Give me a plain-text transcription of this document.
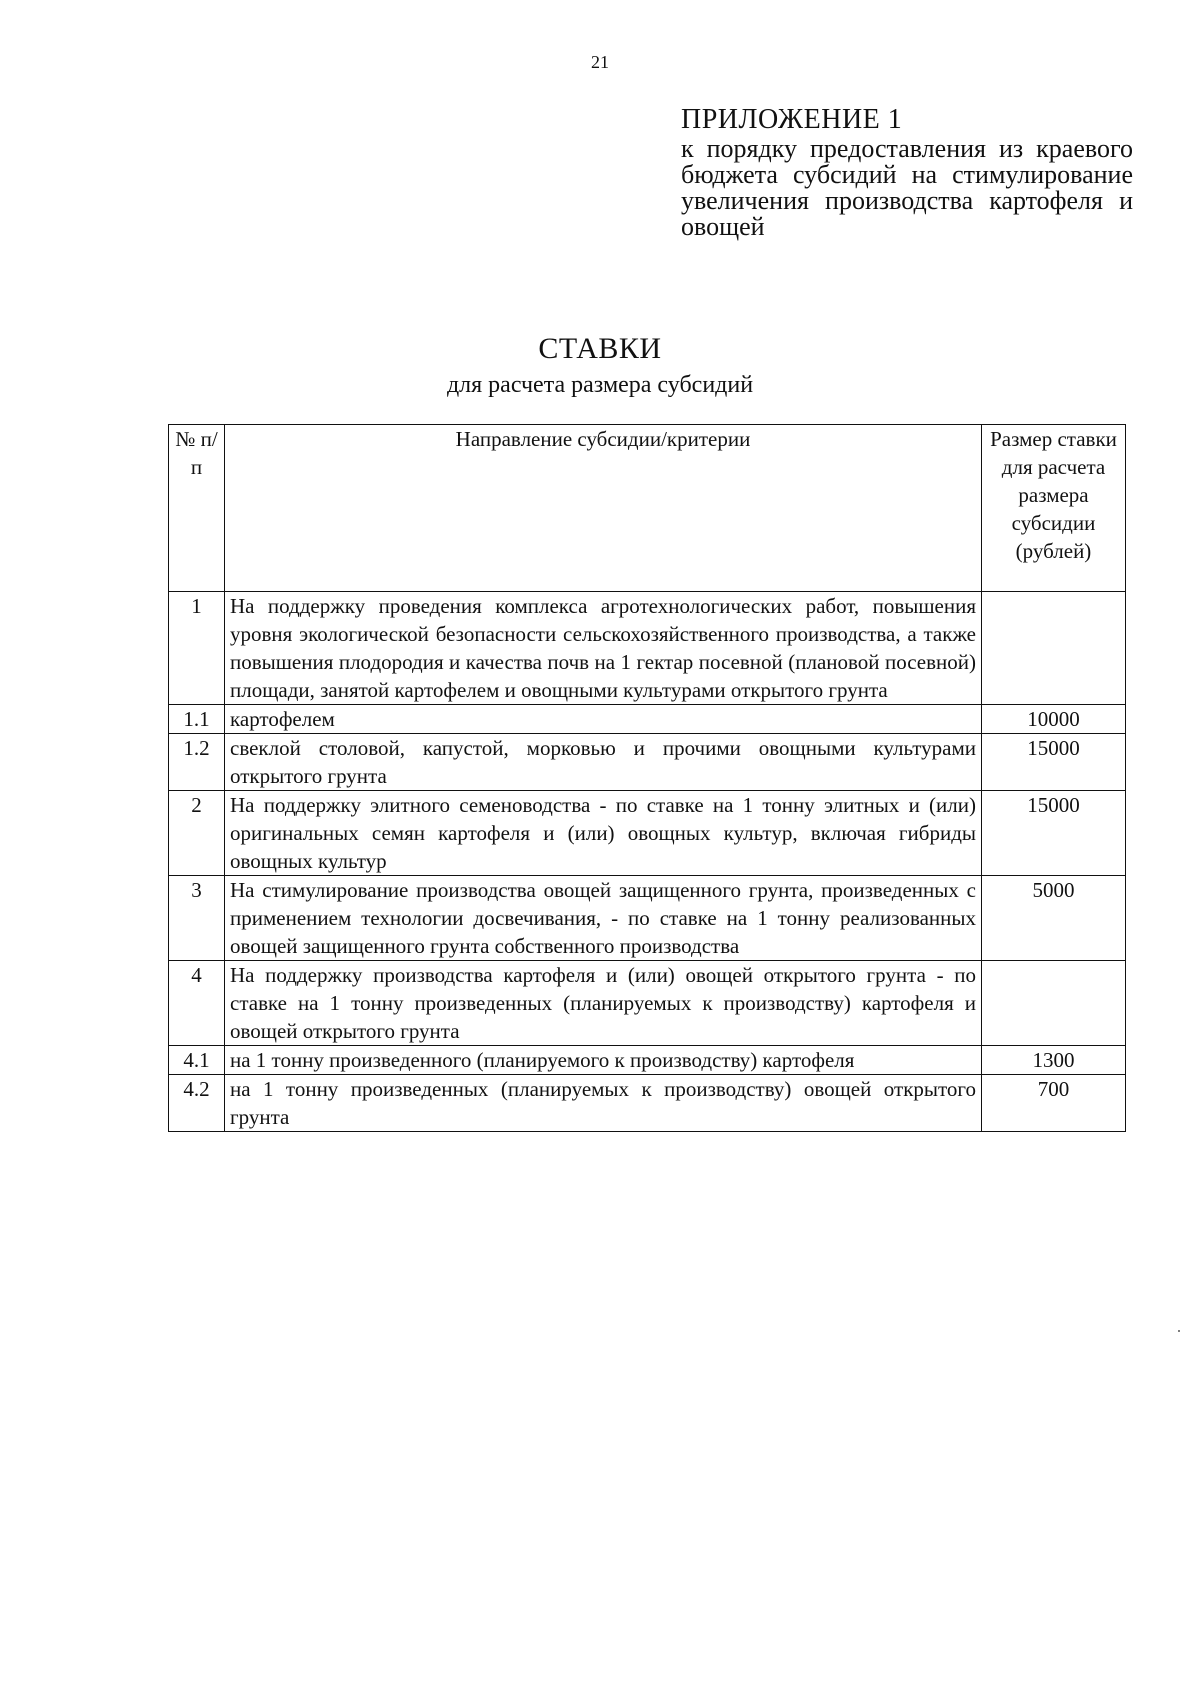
21
ПРИЛОЖЕНИЕ 1
к порядку предоставления из краевого бюджета субсидий на стимулирование увеличения производства картофеля и овощей
СТАВКИ
для расчета размера субсидий
№ п/п	Направление субсидии/критерии	Размер ставки для расчета размера субсидии (рублей)
1	На поддержку проведения комплекса агротехнологических работ, повышения уровня экологической безопасности сельскохозяйственного производства, а также повышения плодородия и качества почв на 1 гектар посевной (плановой посевной) площади, занятой картофелем и овощными культурами открытого грунта	
1.1	картофелем	10000
1.2	свеклой столовой, капустой, морковью и прочими овощными культурами открытого грунта	15000
2	На поддержку элитного семеноводства - по ставке на 1 тонну элитных и (или) оригинальных семян картофеля и (или) овощных культур, включая гибриды овощных культур	15000
3	На стимулирование производства овощей защищенного грунта, произведенных с применением технологии досвечивания, - по ставке на 1 тонну реализованных овощей защищенного грунта собственного производства	5000
4	На поддержку производства картофеля и (или) овощей открытого грунта - по ставке на 1 тонну произведенных (планируемых к производству) картофеля и овощей открытого грунта	
4.1	на 1 тонну произведенного (планируемого к производству) картофеля	1300
4.2	на 1 тонну произведенных (планируемых к производству) овощей открытого грунта	700
